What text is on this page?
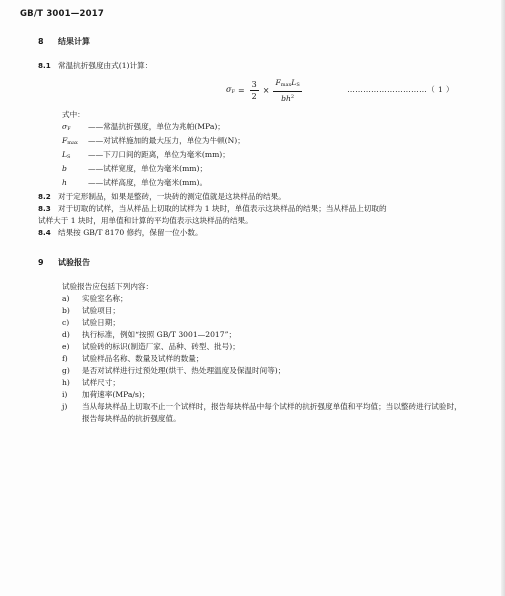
GB/T 3001—2017

8 结果计算

8.1 常温抗折强度由式(1)计算：

$\sigma_F = \frac{3}{2} \times \frac{F_{max}L_S}{bh^2}$	…………………………（ 1 ）

式中：

$\sigma_F$	——常温抗折强度，单位为兆帕(MPa)；
$F_{max}$	——对试样施加的最大压力，单位为牛顿(N)；
$L_S$	——下刀口间的距离，单位为毫米(mm)；
b	——试样宽度，单位为毫米(mm)；
h	——试样高度，单位为毫米(mm)。

8.2 对于定形制品，如果是整砖，一块砖的测定值就是这块样品的结果。

8.3 对于切取的试样，当从样品上切取的试样为 1 块时，单值表示这块样品的结果；当从样品上切取的

试样大于 1 块时，用单值和计算的平均值表示这块样品的结果。

8.4 结果按 GB/T 8170 修约，保留一位小数。

9 试验报告

试验报告应包括下列内容：

a)	实验室名称；
b)	试验项目；
c)	试验日期；
d)	执行标准，例如“按照 GB/T 3001—2017”；
e)	试验砖的标识(制造厂家、品种、砖型、批号)；
f)	试验样品名称、数量及试样的数量；
g)	是否对试样进行过预处理(烘干、热处理温度及保温时间等)；
h)	试样尺寸；
i)	加荷速率(MPa/s)；
j)	当从每块样品上切取不止一个试样时，报告每块样品中每个试样的抗折强度单值和平均值；当以整砖进行试验时，报告每块样品的抗折强度值。
